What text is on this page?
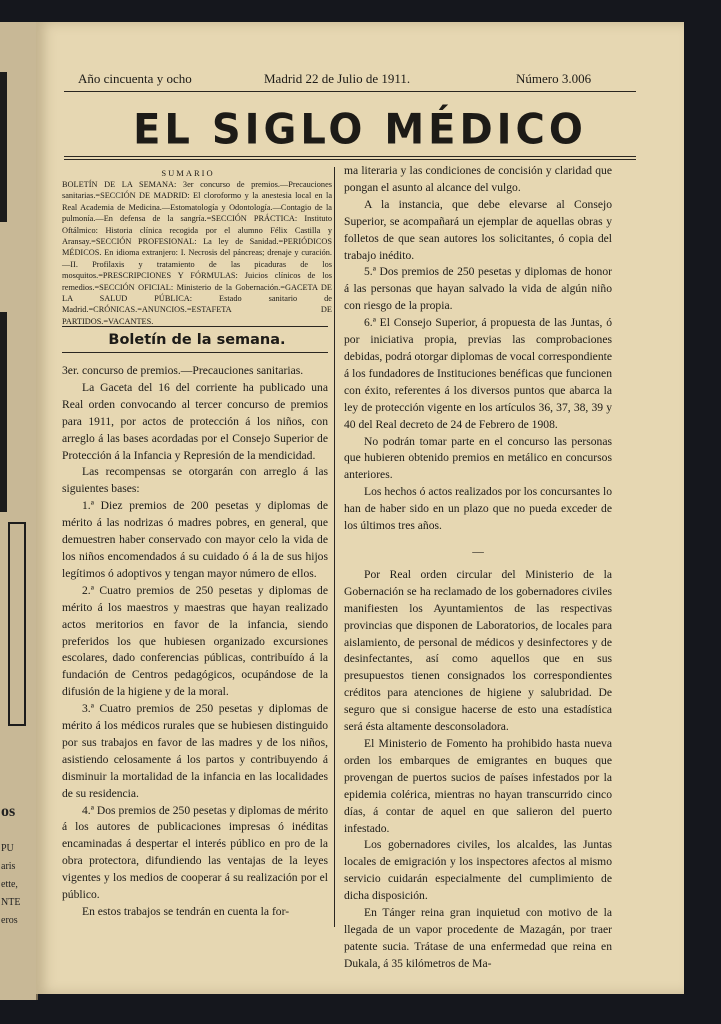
os
PU
aris
ette,
NTE
eros
Año cincuenta y ocho	Madrid 22 de Julio de 1911.	Número 3.006
EL SIGLO MÉDICO
SUMARIO
BOLETÍN DE LA SEMANA: 3er concurso de premios.—Precauciones sanitarias.=SECCIÓN DE MADRID: El cloroformo y la anestesia local en la Real Academia de Medicina.—Estomatología y Odontología.—Contagio de la pulmonía.—En defensa de la sangría.=SECCIÓN PRÁCTICA: Instituto Oftálmico: Historia clínica recogida por el alumno Félix Castilla y Aransay.=SECCIÓN PROFESIONAL: La ley de Sanidad.=PERIÓDICOS MÉDICOS. En idioma extranjero: I. Necrosis del páncreas; drenaje y curación.—II. Profilaxis y tratamiento de las picaduras de los mosquitos.=PRESCRIPCIONES Y FÓRMULAS: Juicios clínicos de los remedios.=SECCIÓN OFICIAL: Ministerio de la Gobernación.=GACETA DE LA SALUD PÚBLICA: Estado sanitario de Madrid.=CRÓNICAS.=ANUNCIOS.=ESTAFETA DE PARTIDOS.=VACANTES.
Boletín de la semana.

3er. concurso de premios.—Precauciones sanitarias.

La Gaceta del 16 del corriente ha publicado una Real orden convocando al tercer concurso de premios para 1911, por actos de protección á los niños, con arreglo á las bases acordadas por el Consejo Superior de Protección á la Infancia y Represión de la mendicidad.

Las recompensas se otorgarán con arreglo á las siguientes bases:

1.ª Diez premios de 200 pesetas y diplomas de mérito á las nodrizas ó madres pobres, en general, que demuestren haber conservado con mayor celo la vida de los niños encomendados á su cuidado ó á la de sus hijos legítimos ó adoptivos y tengan mayor número de ellos.

2.ª Cuatro premios de 250 pesetas y diplomas de mérito á los maestros y maestras que hayan realizado actos meritorios en favor de la infancia, siendo preferidos los que hubiesen organizado excursiones escolares, dado conferencias públicas, contribuído á la fundación de Centros pedagógicos, ocupándose de la difusión de la higiene y de la moral.

3.ª Cuatro premios de 250 pesetas y diplomas de mérito á los médicos rurales que se hubiesen distinguido por sus trabajos en favor de las madres y de los niños, asistiendo celosamente á los partos y contribuyendo á disminuir la mortalidad de la infancia en las localidades de su residencia.

4.ª Dos premios de 250 pesetas y diplomas de mérito á los autores de publicaciones impresas ó inéditas encaminadas á despertar el interés público en pro de la obra protectora, difundiendo las ventajas de la leyes vigentes y los medios de cooperar á su realización por el público.

En estos trabajos se tendrán en cuenta la for-

ma literaria y las condiciones de concisión y claridad que pongan el asunto al alcance del vulgo.

A la instancia, que debe elevarse al Consejo Superior, se acompañará un ejemplar de aquellas obras y folletos de que sean autores los solicitantes, ó copia del trabajo inédito.

5.ª Dos premios de 250 pesetas y diplomas de honor á las personas que hayan salvado la vida de algún niño con riesgo de la propia.

6.ª El Consejo Superior, á propuesta de las Juntas, ó por iniciativa propia, previas las comprobaciones debidas, podrá otorgar diplomas de vocal correspondiente á los fundadores de Instituciones benéficas que funcionen con éxito, referentes á los diversos puntos que abarca la ley de protección vigente en los artículos 36, 37, 38, 39 y 40 del Real decreto de 24 de Febrero de 1908.

No podrán tomar parte en el concurso las personas que hubieren obtenido premios en metálico en concursos anteriores.

Los hechos ó actos realizados por los concursantes lo han de haber sido en un plazo que no pueda exceder de los últimos tres años.

—

Por Real orden circular del Ministerio de la Gobernación se ha reclamado de los gobernadores civiles manifiesten los Ayuntamientos de las respectivas provincias que disponen de Laboratorios, de locales para aislamiento, de personal de médicos y desinfectores y de desinfectantes, así como aquellos que en sus presupuestos tienen consignados los correspondientes créditos para atenciones de higiene y salubridad. De seguro que si consigue hacerse de esto una estadística será ésta altamente desconsoladora.

El Ministerio de Fomento ha prohibido hasta nueva orden los embarques de emigrantes en buques que provengan de puertos sucios de países infestados por la epidemia colérica, mientras no hayan transcurrido cinco días, á contar de aquel en que salieron del puerto infestado.

Los gobernadores civiles, los alcaldes, las Juntas locales de emigración y los inspectores afectos al mismo servicio cuidarán especialmente del cumplimiento de dicha disposición.

En Tánger reina gran inquietud con motivo de la llegada de un vapor procedente de Mazagán, por traer patente sucia. Trátase de una enfermedad que reina en Dukala, á 35 kilómetros de Ma-
